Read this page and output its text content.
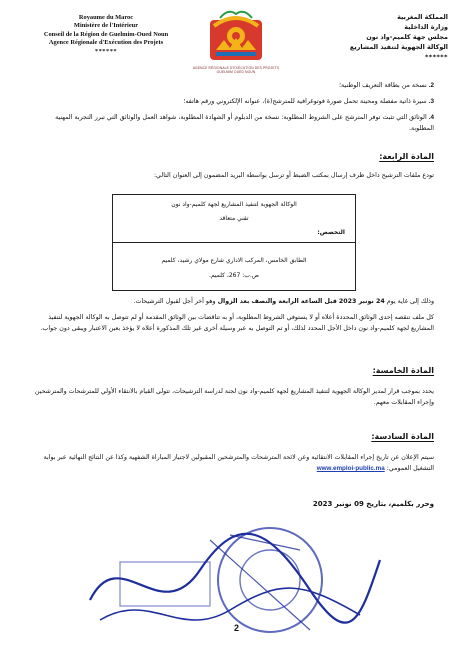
Royaume du Maroc
Ministère de l'Intérieur
Conseil de la Région de Guelmim-Oued Noun
Agence Régionale d'Exécution des Projets
******
AGENCE RÉGIONALE D'EXÉCUTION DES PROJETS GUELMIM OUED NOUN
المملكة المغربية
وزارة الداخلية
مجلس جهة كلميم-واد نون
الوكالة الجهوية لتنفيذ المشاريع
******
2. نسخة من بطاقة التعريف الوطنية؛
3. سيرة ذاتية مفصلة ومحينة تحمل صورة فوتوغرافية للمترشح(ة)، عنوانه الإلكتروني ورقم هاتفه؛
4. الوثائق التي تثبت توفر المترشح على الشروط المطلوبة: نسخة من الدبلوم أو الشهادة المطلوبة، شواهد العمل والوثائق التي تبرر التجربة المهنية المطلوبة.
المادة الرابعة:
تودع ملفات الترشيح داخل ظرف إرسال بمكتب الضبط أو ترسل بواسطة البريد المضمون إلى العنوان التالي:
الوكالة الجهوية لتنفيذ المشاريع لجهة كلميم-واد نون
تقني متعاقد
التخصص:
الطابق الخامس، المركب الاداري شارع مولاي رشيد، كلميم
ص.ب: 267، كلميم.
وذلك إلى غاية يوم 24 نونبر 2023 قبل الساعة الرابعة والنصف بعد الزوال وهو آخر أجل لقبول الترشيحات.
كل ملف تنقصه إحدى الوثائق المحددة أعلاه أو لا يستوفي الشروط المطلوبة، أو به تناقضات بين الوثائق المقدمة أو لم تتوصل به الوكالة الجهوية لتنفيذ المشاريع لجهة كلميم-واد نون داخل الأجل المحدد لذلك، أو تم التوصل به عبر وسيلة أخرى غير تلك المذكورة أعلاه لا يؤخذ بعين الاعتبار ويبقى دون جواب.
المادة الخامسة:
يحدد بموجب قرار لمدير الوكالة الجهوية لتنفيذ المشاريع لجهة كلميم-واد نون لجنة لدراسة الترشيحات، تتولى القيام بالانتقاء الأولي للمترشحات والمترشحين وإجراء المقابلات معهم.
المادة السادسة:
سيتم الإعلان عن تاريخ إجراء المقابلات الانتقائية وعن لائحة المترشحات والمترشحين المقبولين لاجتياز المباراة الشفهية وكذا عن النتائج النهائية عبر بوابة التشغيل العمومي: www.emploi-public.ma
وحرر بكلميم، بتاريخ 09 نونبر 2023
2
